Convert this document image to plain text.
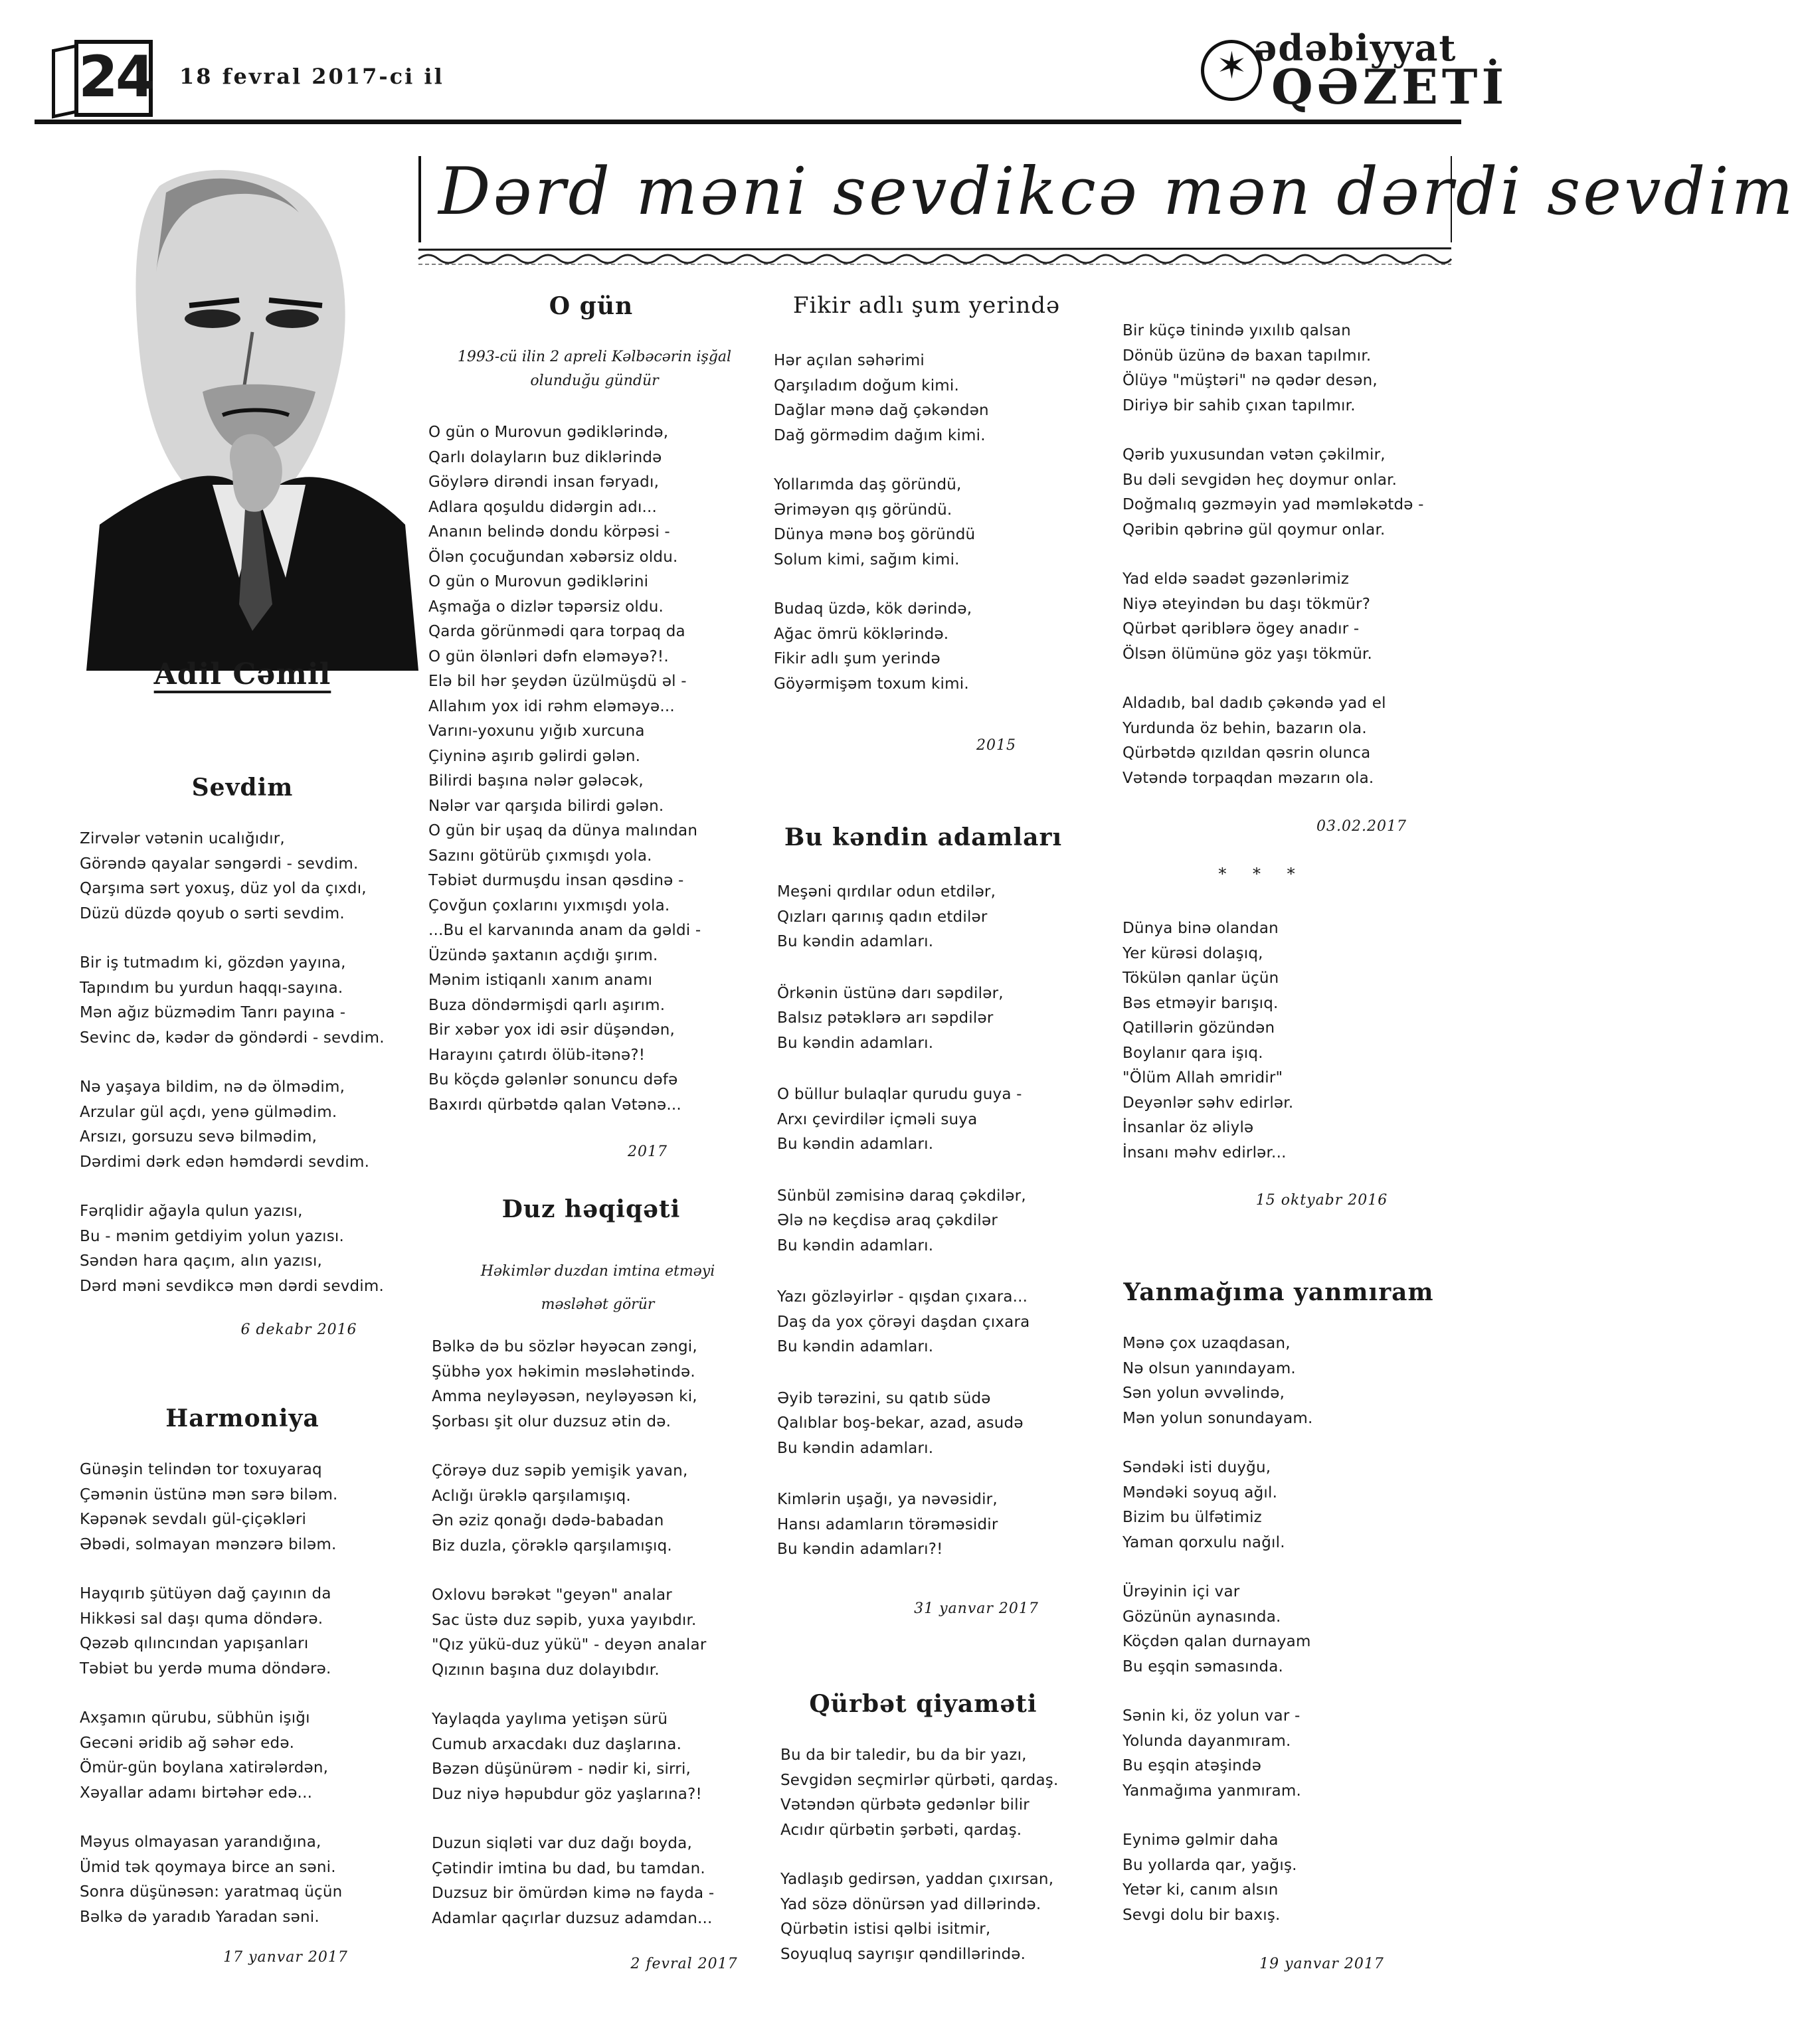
24 18 fevral 2017-ci il
✶
ədəbiyyat
QƏZETİ
Adil Cəmil
Dərd məni sevdikcə mən dərdi sevdim
Sevdim
Zirvələr vətənin ucalığıdır,
Görəndə qayalar səngərdi - sevdim.
Qarşıma sərt yoxuş, düz yol da çıxdı,
Düzü düzdə qoyub o sərti sevdim.
Bir iş tutmadım ki, gözdən yayına,
Tapındım bu yurdun haqqı-sayına.
Mən ağız büzmədim Tanrı payına -
Sevinc də, kədər də göndərdi - sevdim.
Nə yaşaya bildim, nə də ölmədim,
Arzular gül açdı, yenə gülmədim.
Arsızı, gorsuzu sevə bilmədim,
Dərdimi dərk edən həmdərdi sevdim.
Fərqlidir ağayla qulun yazısı,
Bu - mənim getdiyim yolun yazısı.
Səndən hara qaçım, alın yazısı,
Dərd məni sevdikcə mən dərdi sevdim.
6 dekabr 2016
Harmoniya
Günəşin telindən tor toxuyaraq
Çəmənin üstünə mən sərə biləm.
Kəpənək sevdalı gül-çiçəkləri
Əbədi, solmayan mənzərə biləm.
Hayqırıb şütüyən dağ çayının da
Hikkəsi sal daşı quma döndərə.
Qəzəb qılıncından yapışanları
Təbiət bu yerdə muma döndərə.
Axşamın qürubu, sübhün işığı
Gecəni əridib ağ səhər edə.
Ömür-gün boylana xatirələrdən,
Xəyallar adamı birtəhər edə...
Məyus olmayasan yarandığına,
Ümid tək qoymaya birce an səni.
Sonra düşünəsən: yaratmaq üçün
Bəlkə də yaradıb Yaradan səni.
17 yanvar 2017
O gün
1993-cü ilin 2 apreli Kəlbəcərin işğal olunduğu gündür
O gün o Murovun gədiklərində,
Qarlı dolayların buz diklərində
Göylərə dirəndi insan fəryadı,
Adlara qoşuldu didərgin adı...
Ananın belində dondu körpəsi -
Ölən çocuğundan xəbərsiz oldu.
O gün o Murovun gədiklərini
Aşmağa o dizlər təpərsiz oldu.
Qarda görünmədi qara torpaq da
O gün ölənləri dəfn eləməyə?!.
Elə bil hər şeydən üzülmüşdü əl -
Allahım yox idi rəhm eləməyə...
Varını-yoxunu yığıb xurcuna
Çiyninə aşırıb gəlirdi gələn.
Bilirdi başına nələr gələcək,
Nələr var qarşıda bilirdi gələn.
O gün bir uşaq da dünya malından
Sazını götürüb çıxmışdı yola.
Təbiət durmuşdu insan qəsdinə -
Çovğun çoxlarını yıxmışdı yola.
...Bu el karvanında anam da gəldi -
Üzündə şaxtanın açdığı şırım.
Mənim istiqanlı xanım anamı
Buza döndərmişdi qarlı aşırım.
Bir xəbər yox idi əsir düşəndən,
Harayını çatırdı ölüb-itənə?!
Bu köçdə gələnlər sonuncu dəfə
Baxırdı qürbətdə qalan Vətənə...
2017
Duz həqiqəti
Həkimlər duzdan imtina etməyi məsləhət görür
Bəlkə də bu sözlər həyəcan zəngi,
Şübhə yox həkimin məsləhətində.
Amma neyləyəsən, neyləyəsən ki,
Şorbası şit olur duzsuz ətin də.
Çörəyə duz səpib yemişik yavan,
Aclığı ürəklə qarşılamışıq.
Ən əziz qonağı dədə-babadan
Biz duzla, çörəklə qarşılamışıq.
Oxlovu bərəkət "geyən" analar
Sac üstə duz səpib, yuxa yayıbdır.
"Qız yükü-duz yükü" - deyən analar
Qızının başına duz dolayıbdır.
Yaylaqda yaylıma yetişən sürü
Cumub arxacdakı duz daşlarına.
Bəzən düşünürəm - nədir ki, sirri,
Duz niyə həpubdur göz yaşlarına?!
Duzun siqləti var duz dağı boyda,
Çətindir imtina bu dad, bu tamdan.
Duzsuz bir ömürdən kimə nə fayda -
Adamlar qaçırlar duzsuz adamdan...
2 fevral 2017
Fikir adlı şum yerində
Hər açılan səhərimi
Qarşıladım doğum kimi.
Dağlar mənə dağ çəkəndən
Dağ görmədim dağım kimi.
Yollarımda daş göründü,
Əriməyən qış göründü.
Dünya mənə boş göründü
Solum kimi, sağım kimi.
Budaq üzdə, kök dərində,
Ağac ömrü köklərində.
Fikir adlı şum yerində
Göyərmişəm toxum kimi.
2015
Bu kəndin adamları
Meşəni qırdılar odun etdilər,
Qızları qarınış qadın etdilər
Bu kəndin adamları.
Örkənin üstünə darı səpdilər,
Balsız pətəklərə arı səpdilər
Bu kəndin adamları.
O büllur bulaqlar qurudu guya -
Arxı çevirdilər içməli suya
Bu kəndin adamları.
Sünbül zəmisinə daraq çəkdilər,
Ələ nə keçdisə araq çəkdilər
Bu kəndin adamları.
Yazı gözləyirlər - qışdan çıxara...
Daş da yox çörəyi daşdan çıxara
Bu kəndin adamları.
Əyib tərəzini, su qatıb südə
Qalıblar boş-bekar, azad, asudə
Bu kəndin adamları.
Kimlərin uşağı, ya nəvəsidir,
Hansı adamların törəməsidir
Bu kəndin adamları?!
31 yanvar 2017
Qürbət qiyaməti
Bu da bir taledir, bu da bir yazı,
Sevgidən seçmirlər qürbəti, qardaş.
Vətəndən qürbətə gedənlər bilir
Acıdır qürbətin şərbəti, qardaş.
Yadlaşıb gedirsən, yaddan çıxırsan,
Yad sözə dönürsən yad dillərində.
Qürbətin istisi qəlbi isitmir,
Soyuqluq sayrışır qəndillərində.
Bir küçə tinində yıxılıb qalsan
Dönüb üzünə də baxan tapılmır.
Ölüyə "müştəri" nə qədər desən,
Diriyə bir sahib çıxan tapılmır.
Qərib yuxusundan vətən çəkilmir,
Bu dəli sevgidən heç doymur onlar.
Doğmalıq gəzməyin yad məmləkətdə -
Qəribin qəbrinə gül qoymur onlar.
Yad eldə səadət gəzənlərimiz
Niyə əteyindən bu daşı tökmür?
Qürbət qəriblərə ögey anadır -
Ölsən ölümünə göz yaşı tökmür.
Aldadıb, bal dadıb çəkəndə yad el
Yurdunda öz behin, bazarın ola.
Qürbətdə qızıldan qəsrin olunca
Vətəndə torpaqdan məzarın ola.
03.02.2017
* * *
Dünya binə olandan
Yer kürəsi dolaşıq,
Tökülən qanlar üçün
Bəs etməyir barışıq.
Qatillərin gözündən
Boylanır qara işıq.
"Ölüm Allah əmridir"
Deyənlər səhv edirlər.
İnsanlar öz əliylə
İnsanı məhv edirlər...
15 oktyabr 2016
Yanmağıma yanmıram
Mənə çox uzaqdasan,
Nə olsun yanındayam.
Sən yolun əvvəlində,
Mən yolun sonundayam.
Səndəki isti duyğu,
Məndəki soyuq ağıl.
Bizim bu ülfətimiz
Yaman qorxulu nağıl.
Ürəyinin içi var
Gözünün aynasında.
Köçdən qalan durnayam
Bu eşqin səmasında.
Sənin ki, öz yolun var -
Yolunda dayanmıram.
Bu eşqin atəşində
Yanmağıma yanmıram.
Eynimə gəlmir daha
Bu yollarda qar, yağış.
Yetər ki, canım alsın
Sevgi dolu bir baxış.
19 yanvar 2017
